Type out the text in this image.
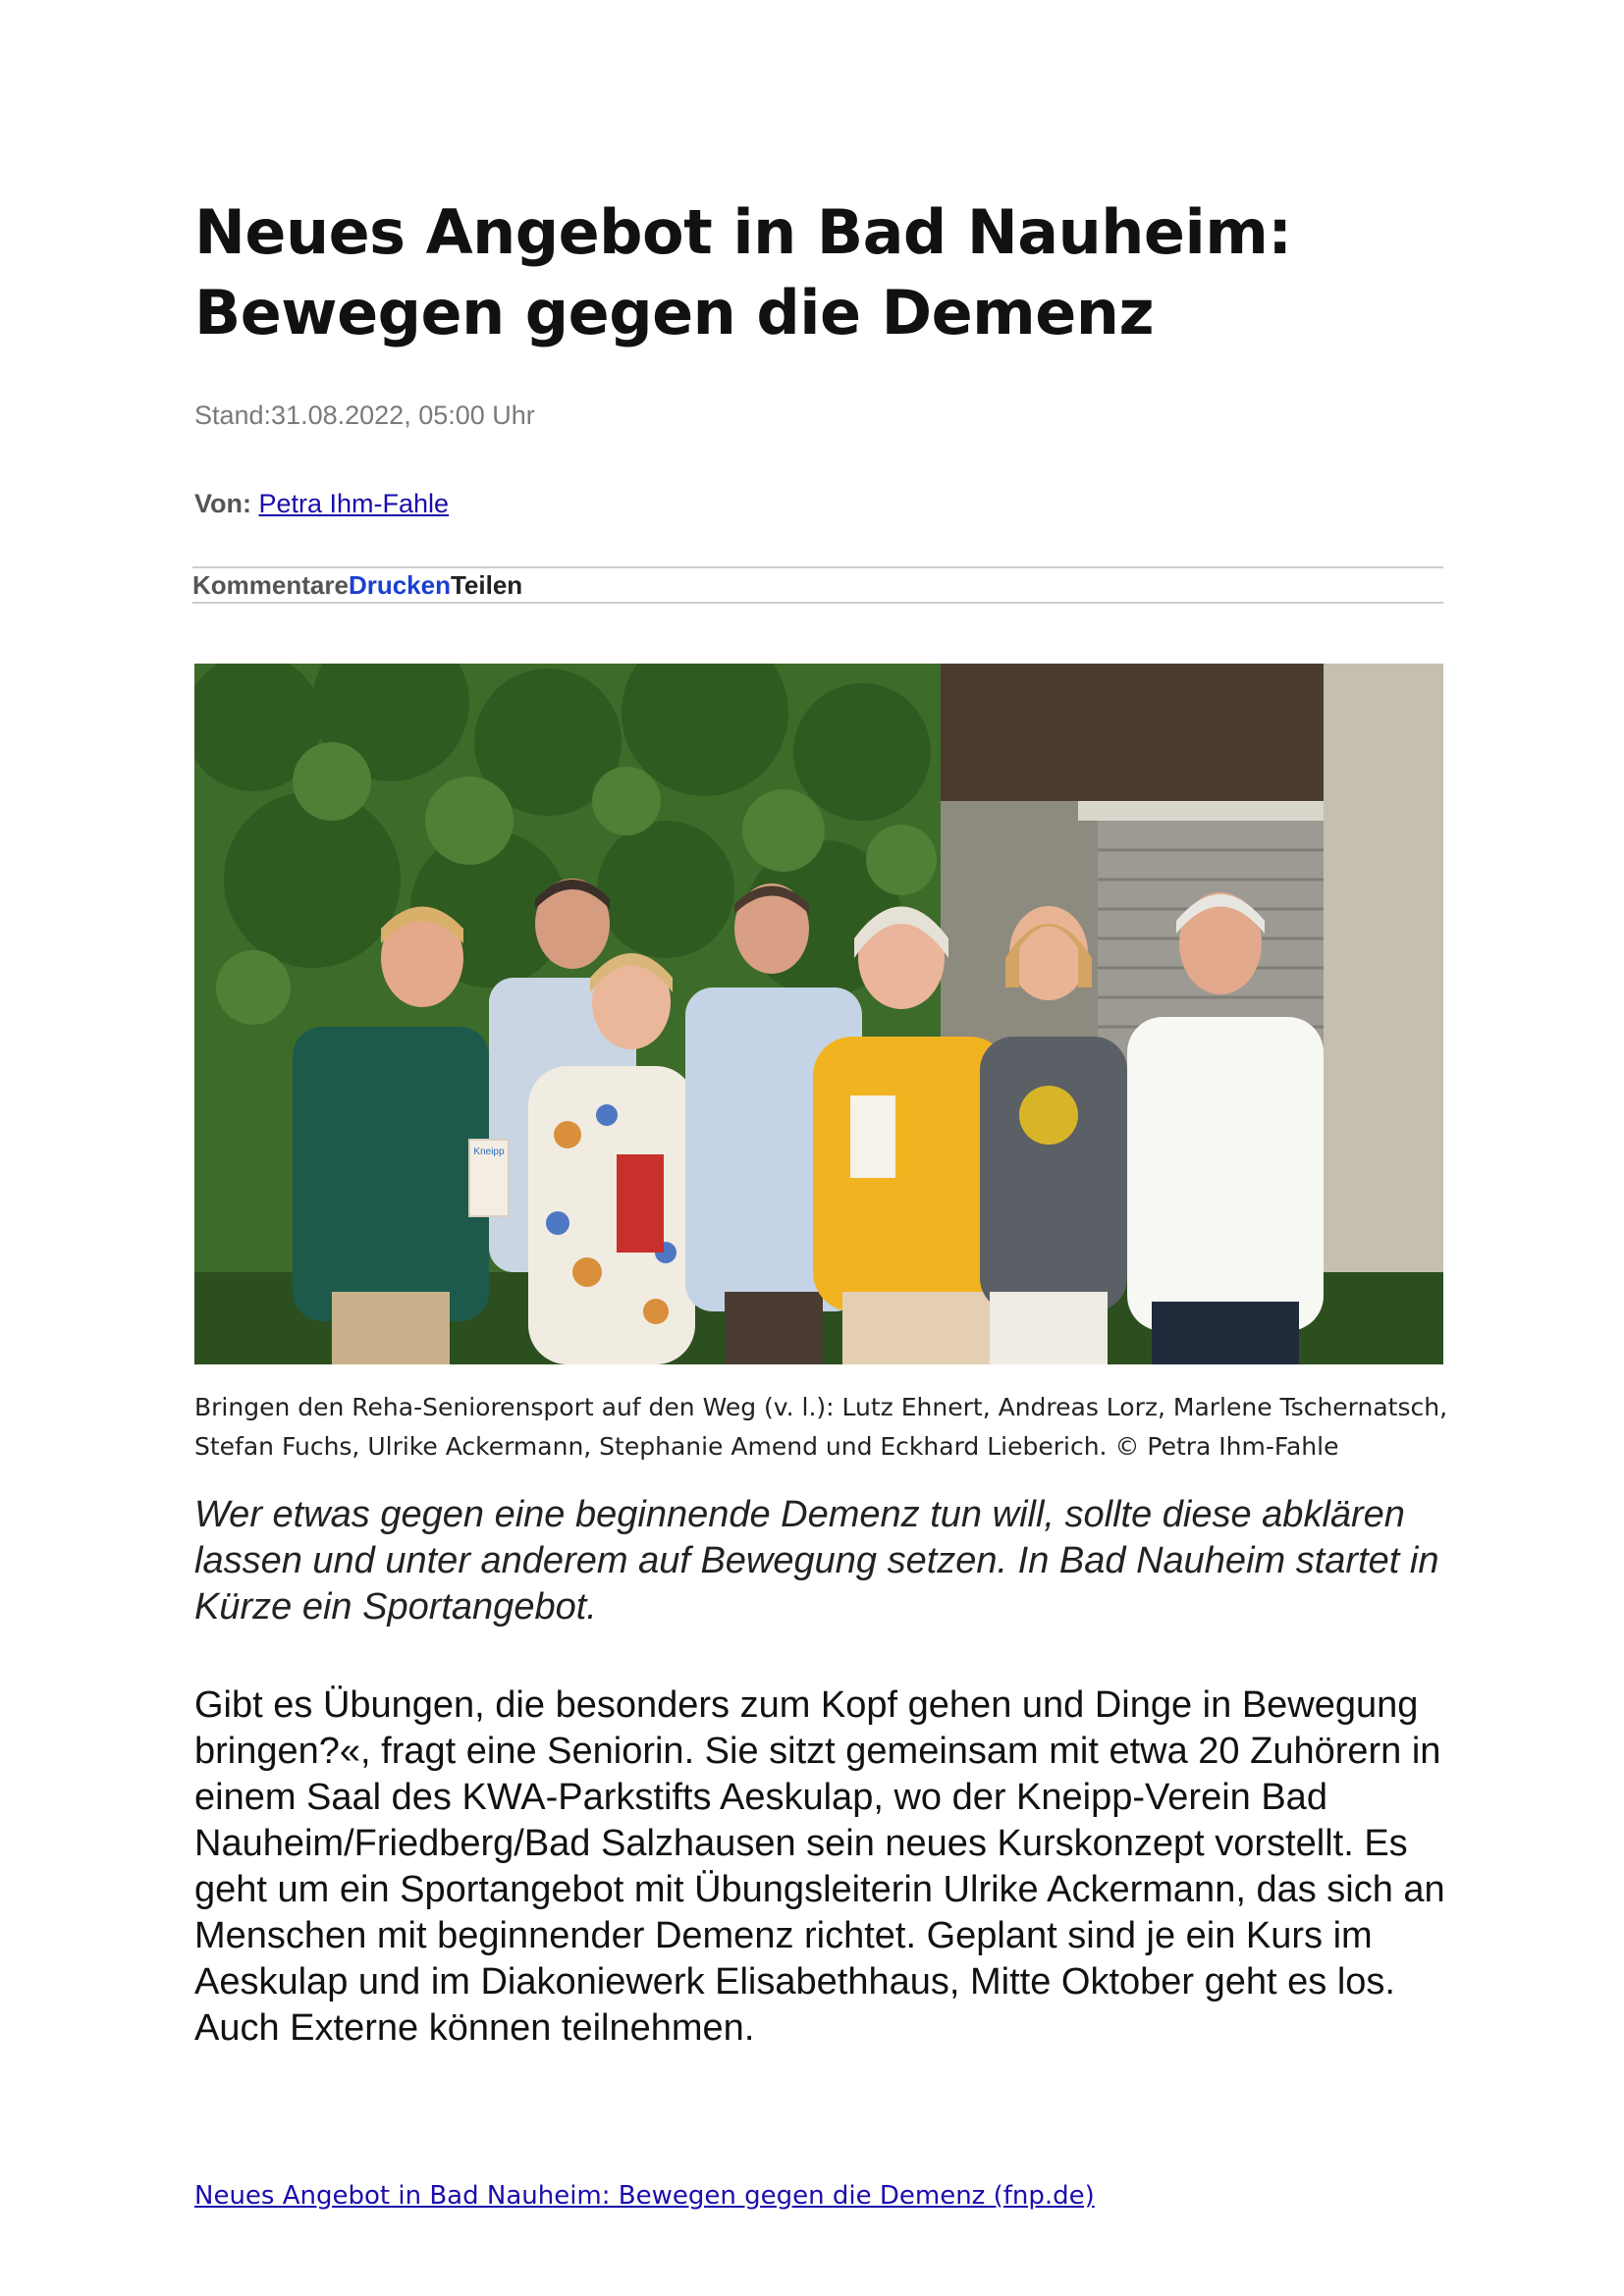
Neues Angebot in Bad Nauheim:
Bewegen gegen die Demenz
Stand:31.08.2022, 05:00 Uhr
Von: Petra Ihm-Fahle
KommentareDruckenTeilen
Kneipp
Bringen den Reha-Seniorensport auf den Weg (v. l.): Lutz Ehnert, Andreas Lorz, Marlene Tschernatsch, Stefan Fuchs, Ulrike Ackermann, Stephanie Amend und Eckhard Lieberich. © Petra Ihm-Fahle
Wer etwas gegen eine beginnende Demenz tun will, sollte diese abklären lassen und unter anderem auf Bewegung setzen. In Bad Nauheim startet in Kürze ein Sportangebot.
Gibt es Übungen, die besonders zum Kopf gehen und Dinge in Bewegung bringen?«, fragt eine Seniorin. Sie sitzt gemeinsam mit etwa 20 Zuhörern in einem Saal des KWA-Parkstifts Aeskulap, wo der Kneipp-Verein Bad Nauheim/Friedberg/Bad Salzhausen sein neues Kurskonzept vorstellt. Es geht um ein Sportangebot mit Übungsleiterin Ulrike Ackermann, das sich an Menschen mit beginnender Demenz richtet. Geplant sind je ein Kurs im Aeskulap und im Diakoniewerk Elisabethhaus, Mitte Oktober geht es los. Auch Externe können teilnehmen.
Neues Angebot in Bad Nauheim: Bewegen gegen die Demenz (fnp.de)
